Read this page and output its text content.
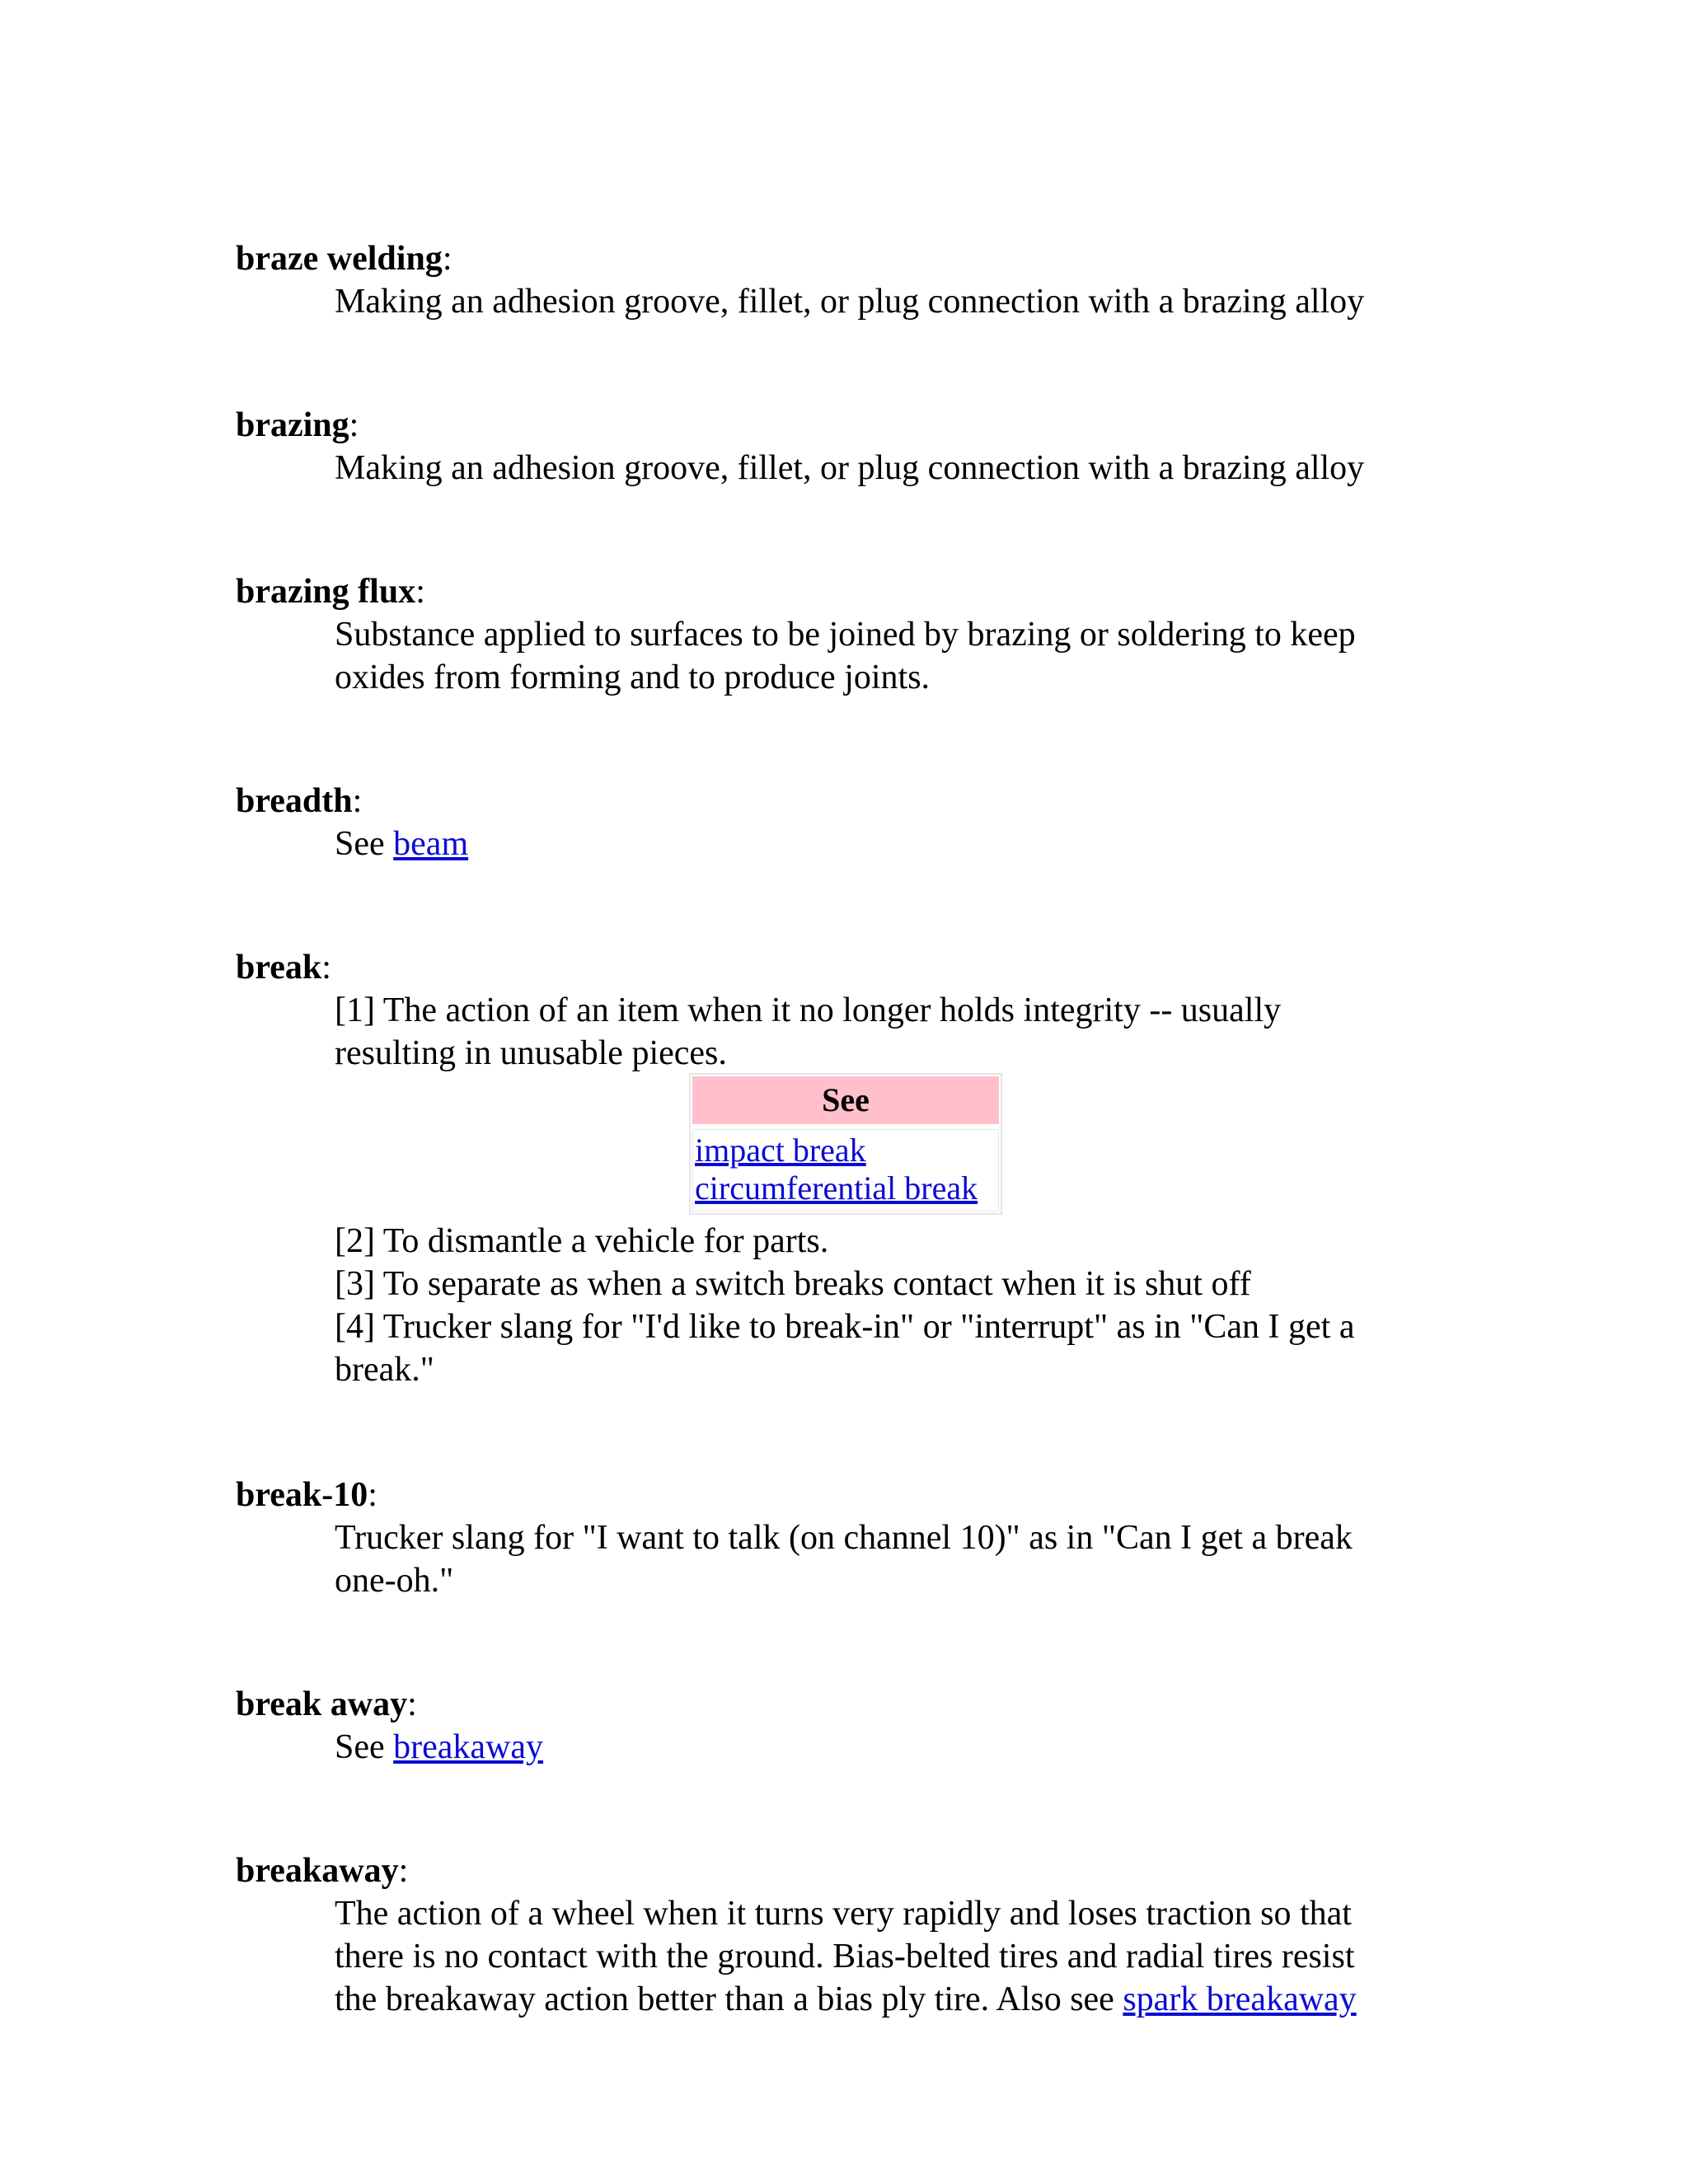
braze welding:
Making an adhesion groove, fillet, or plug connection with a brazing alloy
brazing:
Making an adhesion groove, fillet, or plug connection with a brazing alloy
brazing flux:
Substance applied to surfaces to be joined by brazing or soldering to keep
oxides from forming and to produce joints.
breadth:
See beam
break:
[1] The action of an item when it no longer holds integrity -- usually
resulting in unusable pieces.
See
impact break
circumferential break
[2] To dismantle a vehicle for parts.
[3] To separate as when a switch breaks contact when it is shut off
[4] Trucker slang for "I'd like to break-in" or "interrupt" as in "Can I get a
break."
break-10:
Trucker slang for "I want to talk (on channel 10)" as in "Can I get a break
one-oh."
break away:
See breakaway
breakaway:
The action of a wheel when it turns very rapidly and loses traction so that
there is no contact with the ground. Bias-belted tires and radial tires resist
the breakaway action better than a bias ply tire. Also see spark breakaway
